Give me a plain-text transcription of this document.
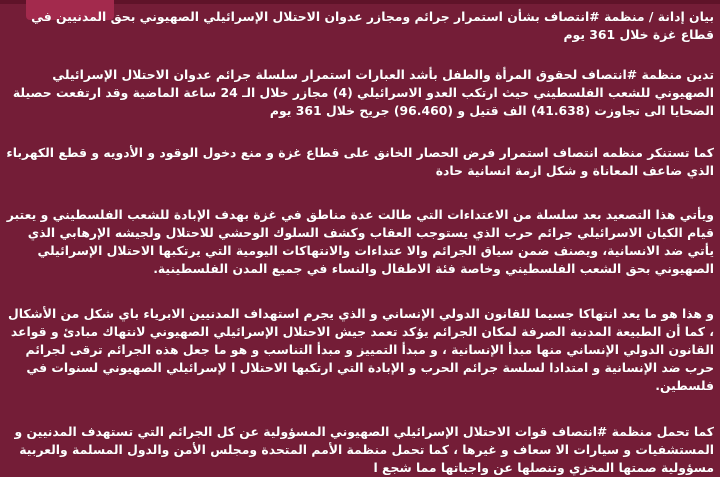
بيان إدانة / منظمة #انتصاف بشأن استمرار جرائم ومجازر عدوان الاحتلال الإسرائيلي الصهيوني بحق المدنيين في قطاع غزة خلال 361 يوم

تدين منظمة #انتصاف لحقوق المرأة والطفل بأشد العبارات استمرار سلسلة جرائم عدوان الاحتلال الإسرائيلي الصهيوني للشعب الفلسطيني حيث ارتكب العدو الاسرائيلي (4) مجازر خلال الـ 24 ساعة الماضية وقد ارتفعت حصيلة الضحايا الى تجاوزت (41.638) الف قتيل و (96.460) جريح خلال 361 يوم

كما تستنكر منظمه انتصاف استمرار فرض الحصار الخانق على قطاع غزة و منع دخول الوقود و الأدويه و قطع الكهرباء الذي ضاعف المعاناة و شكل ازمة انسانية حادة

ويأتي هذا التصعيد بعد سلسلة من الاعتداءات التي طالت عدة مناطق في غزة بهدف الإبادة للشعب الفلسطيني و يعتبر قيام الكيان الاسرائيلي جرائم حرب الذي يستوجب العقاب وكشف السلوك الوحشي للاحتلال ولجيشه الإرهابي الذي يأتي ضد الانسانية، ويصنف ضمن سياق الجرائم والا عتداءات والانتهاكات اليومية التي يرتكبها الاحتلال الإسرائيلي الصهيوني بحق الشعب الفلسطيني وخاصة فئة الاطفال والنساء في جميع المدن الفلسطينية.

و هذا هو ما يعد انتهاكا جسيما للقانون الدولي الإنساني و الذي يجرم استهداف المدنيين الابرياء باي شكل من الأشكال ، كما أن الطبيعة المدنية الصرفة لمكان الجرائم يؤكد تعمد جيش الاحتلال الإسرائيلي الصهيوني لانتهاك مبادئ و قواعد القانون الدولي الإنساني منها مبدأ الإنسانية ، و مبدأ التمييز و مبدأ التناسب و هو ما جعل هذه الجرائم ترقى لجرائم حرب ضد الإنسانية و امتدادا لسلسة جرائم الحرب و الإبادة التي ارتكبها الاحتلال ا لإسرائيلي الصهيوني لسنوات في فلسطين.

كما تحمل منظمة #انتصاف قوات الاحتلال الإسرائيلي الصهيوني المسؤولية عن كل الجرائم التي تستهدف المدنيين و المستشفيات و سيارات الا سعاف و غيرها ، كما تحمل منظمة الأمم المتحدة ومجلس الأمن والدول المسلمة والعربية مسؤولية صمتها المخزي وتنصلها عن واجباتها مما شجع ا
